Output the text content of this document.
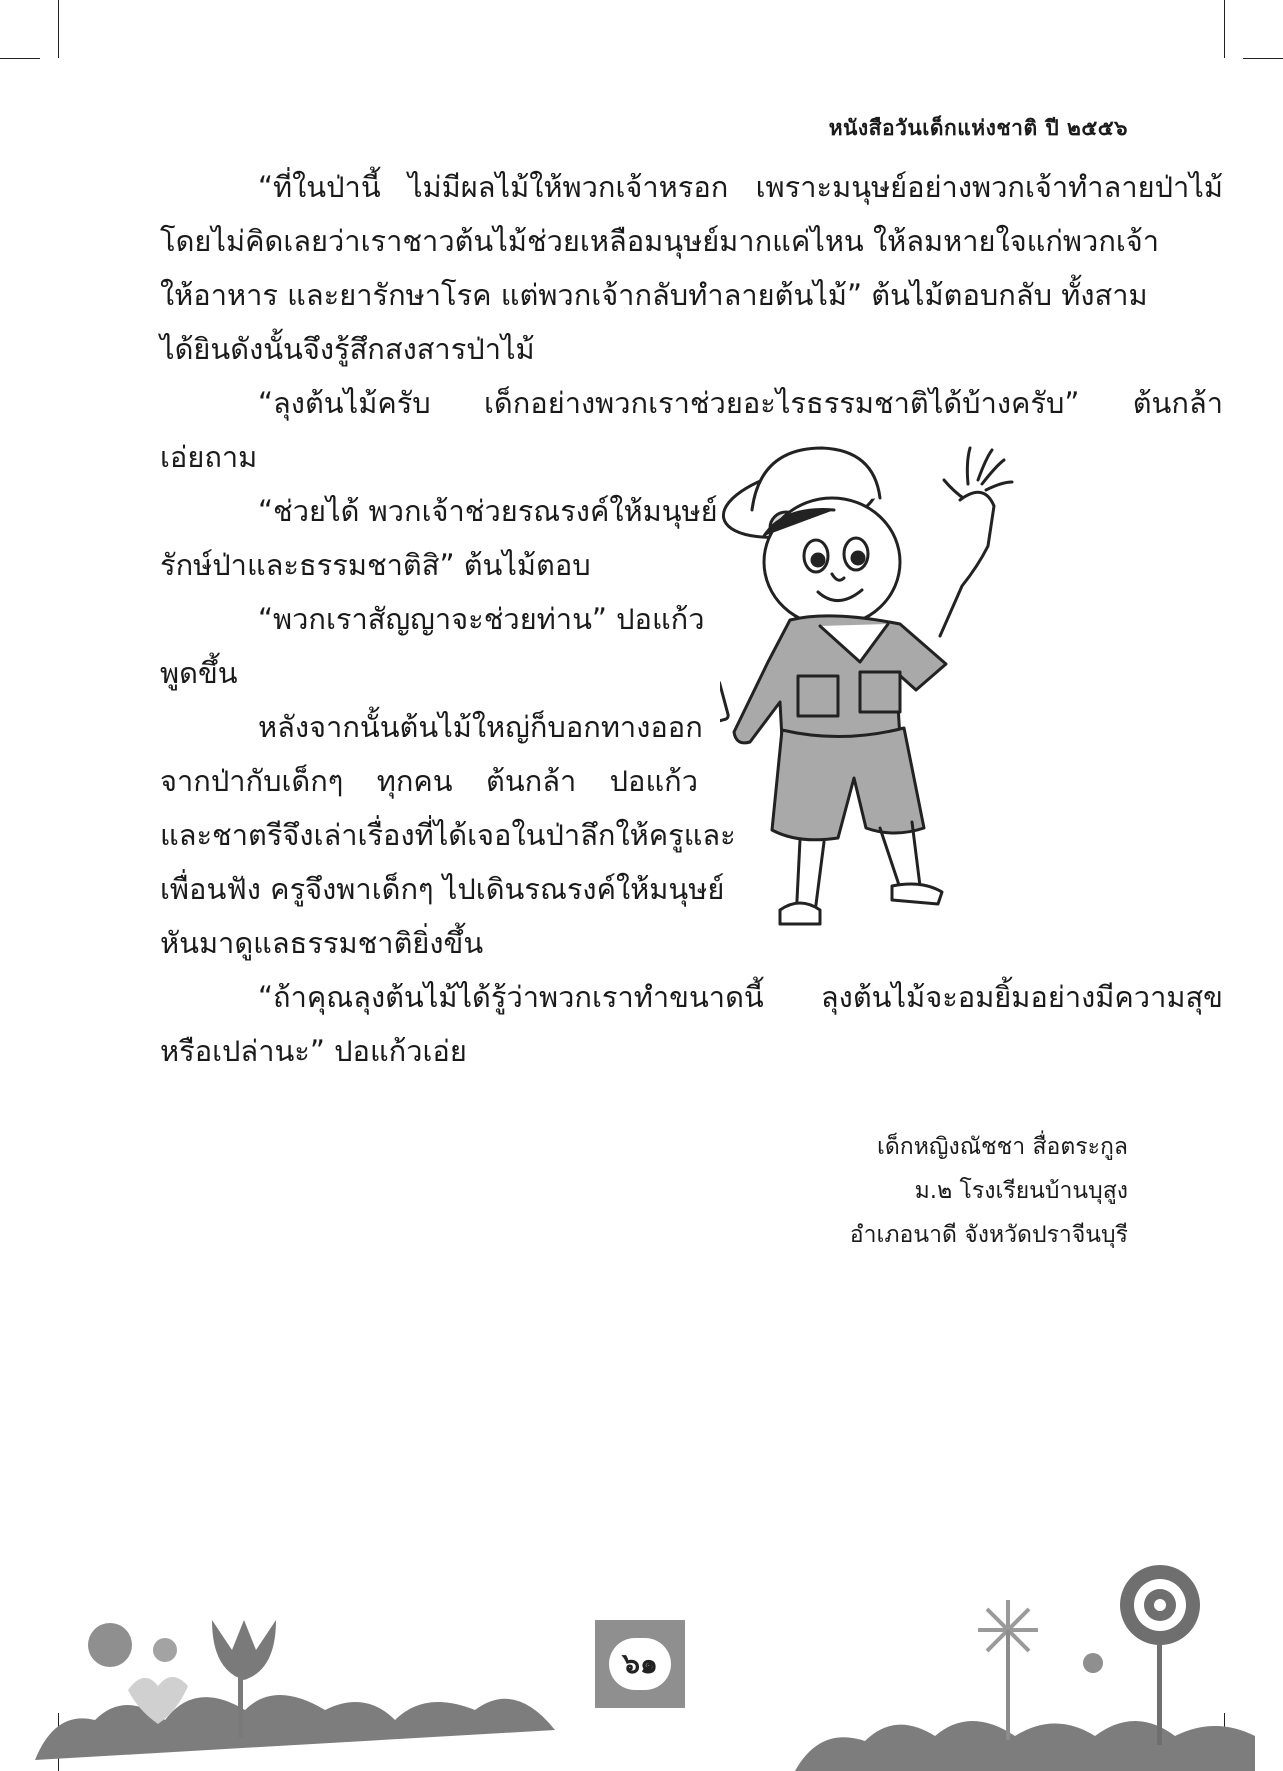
หนังสือวันเด็กแห่งชาติ ปี ๒๕๕๖
“ที่ในป่านี้ ไม่มีผลไม้ให้พวกเจ้าหรอก เพราะมนุษย์อย่างพวกเจ้าทำลายป่าไม้
โดยไม่คิดเลยว่าเราชาวต้นไม้ช่วยเหลือมนุษย์มากแค่ไหน ให้ลมหายใจแก่พวกเจ้า
ให้อาหาร และยารักษาโรค แต่พวกเจ้ากลับทำลายต้นไม้” ต้นไม้ตอบกลับ ทั้งสาม
ได้ยินดังนั้นจึงรู้สึกสงสารป่าไม้
“ลุงต้นไม้ครับ เด็กอย่างพวกเราช่วยอะไรธรรมชาติได้บ้างครับ” ต้นกล้า
เอ่ยถาม
“ช่วยได้ พวกเจ้าช่วยรณรงค์ให้มนุษย์
รักษ์ป่าและธรรมชาติสิ” ต้นไม้ตอบ
“พวกเราสัญญาจะช่วยท่าน” ปอแก้ว
พูดขึ้น
หลังจากนั้นต้นไม้ใหญ่ก็บอกทางออก
จากป่ากับเด็กๆ ทุกคน ต้นกล้า ปอแก้ว
และชาตรีจึงเล่าเรื่องที่ได้เจอในป่าลึกให้ครูและ
เพื่อนฟัง ครูจึงพาเด็กๆ ไปเดินรณรงค์ให้มนุษย์
หันมาดูแลธรรมชาติยิ่งขึ้น
“ถ้าคุณลุงต้นไม้ได้รู้ว่าพวกเราทำขนาดนี้ ลุงต้นไม้จะอมยิ้มอย่างมีความสุข
หรือเปล่านะ” ปอแก้วเอ่ย
เด็กหญิงณัชชา สื่อตระกูล
ม.๒ โรงเรียนบ้านบุสูง
อำเภอนาดี จังหวัดปราจีนบุรี
๖๑
